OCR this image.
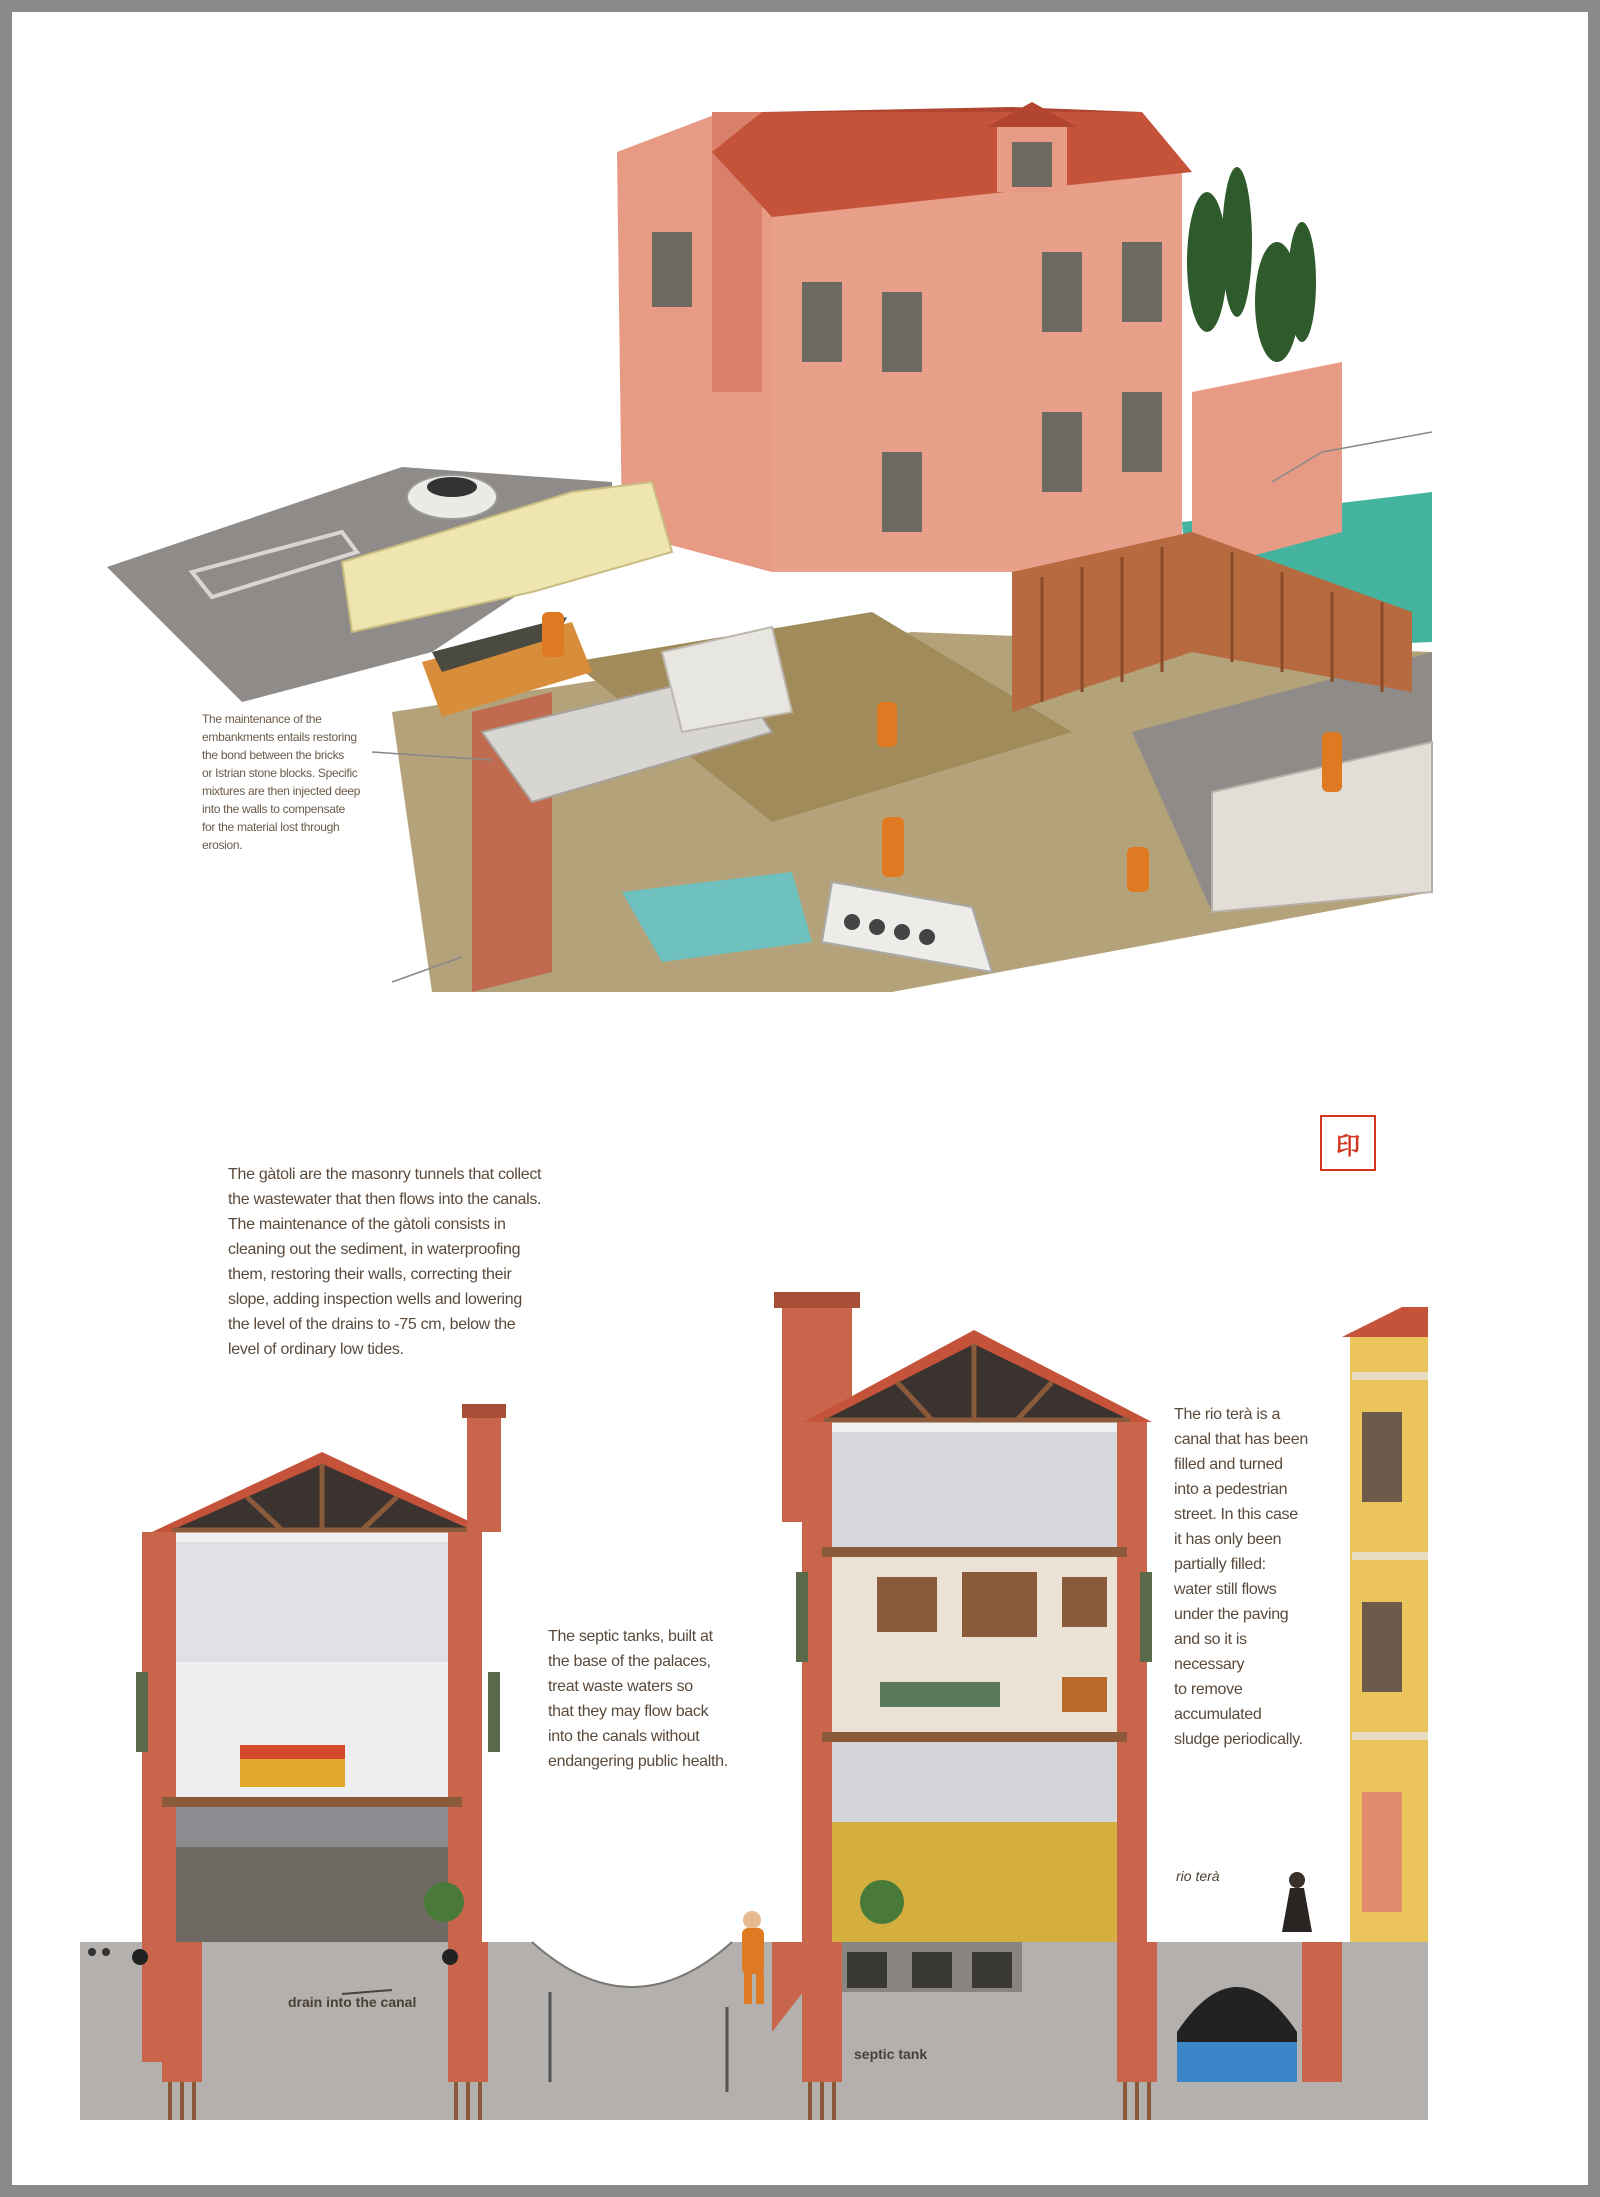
The maintenance of the

embankments entails restoring

the bond between the bricks

or Istrian stone blocks. Specific

mixtures are then injected deep

into the walls to compensate

for the material lost through

erosion.

印

The gàtoli are the masonry tunnels that collect

the wastewater that then flows into the canals.

The maintenance of the gàtoli consists in

cleaning out the sediment, in waterproofing

them, restoring their walls, correcting their

slope, adding inspection wells and lowering

the level of the drains to -75 cm, below the

level of ordinary low tides.

The septic tanks, built at

the base of the palaces,

treat waste waters so

that they may flow back

into the canals without

endangering public health.

The rio terà is a

canal that has been

filled and turned

into a pedestrian

street. In this case

it has only been

partially filled:

water still flows

under the paving

and so it is

necessary

to remove

accumulated

sludge periodically.

drain into the canal
septic tank
rio terà
